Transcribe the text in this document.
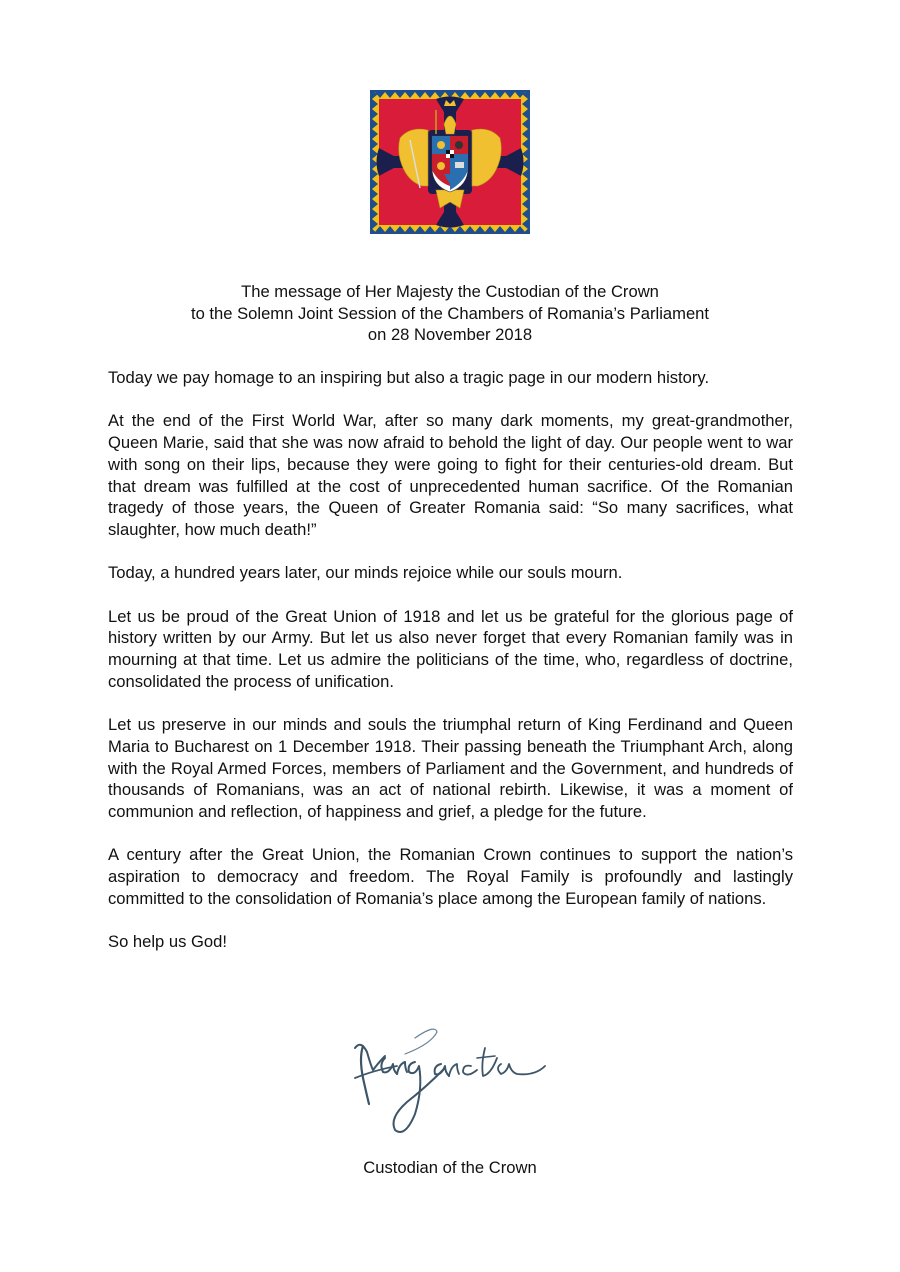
The message of Her Majesty the Custodian of the Crown
to the Solemn Joint Session of the Chambers of Romania’s Parliament
on 28 November 2018

Today we pay homage to an inspiring but also a tragic page in our modern history.

At the end of the First World War, after so many dark moments, my great-grandmother, Queen Marie, said that she was now afraid to behold the light of day. Our people went to war with song on their lips, because they were going to fight for their centuries-old dream. But that dream was fulfilled at the cost of unprecedented human sacrifice. Of the Romanian tragedy of those years, the Queen of Greater Romania said: “So many sacrifices, what slaughter, how much death!”

Today, a hundred years later, our minds rejoice while our souls mourn.

Let us be proud of the Great Union of 1918 and let us be grateful for the glorious page of history written by our Army. But let us also never forget that every Romanian family was in mourning at that time. Let us admire the politicians of the time, who, regardless of doctrine, consolidated the process of unification.

Let us preserve in our minds and souls the triumphal return of King Ferdinand and Queen Maria to Bucharest on 1 December 1918. Their passing beneath the Triumphant Arch, along with the Royal Armed Forces, members of Parliament and the Government, and hundreds of thousands of Romanians, was an act of national rebirth. Likewise, it was a moment of communion and reflection, of happiness and grief, a pledge for the future.

A century after the Great Union, the Romanian Crown continues to support the nation’s aspiration to democracy and freedom. The Royal Family is profoundly and lastingly committed to the consolidation of Romania’s place among the European family of nations.

So help us God!

Custodian of the Crown
